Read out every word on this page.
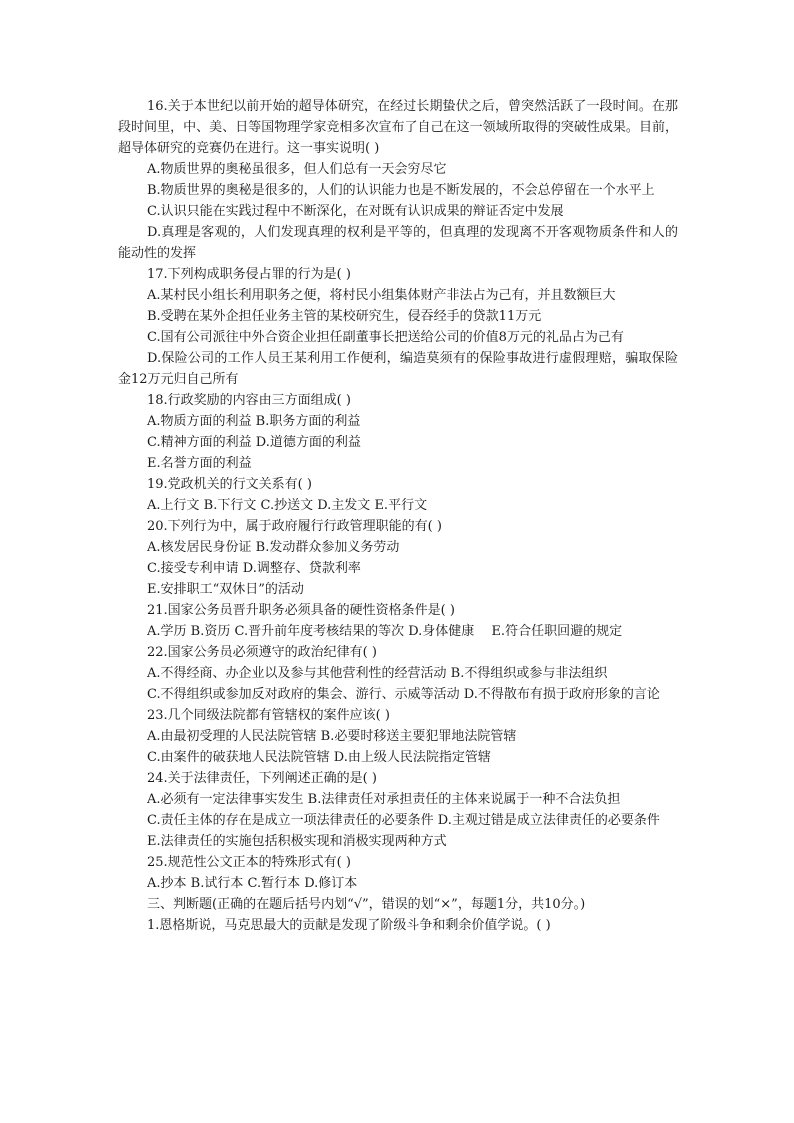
16.关于本世纪以前开始的超导体研究，在经过长期蛰伏之后，曾突然活跃了一段时间。在那段时间里，中、美、日等国物理学家竞相多次宣布了自己在这一领域所取得的突破性成果。目前，超导体研究的竞赛仍在进行。这一事实说明( )

A.物质世界的奥秘虽很多，但人们总有一天会穷尽它

B.物质世界的奥秘是很多的，人们的认识能力也是不断发展的，不会总停留在一个水平上

C.认识只能在实践过程中不断深化，在对既有认识成果的辩证否定中发展

D.真理是客观的，人们发现真理的权利是平等的，但真理的发现离不开客观物质条件和人的能动性的发挥

17.下列构成职务侵占罪的行为是( )

A.某村民小组长利用职务之便，将村民小组集体财产非法占为己有，并且数额巨大

B.受聘在某外企担任业务主管的某校研究生，侵吞经手的贷款11万元

C.国有公司派往中外合资企业担任副董事长把送给公司的价值8万元的礼品占为己有

D.保险公司的工作人员王某利用工作便利，编造莫须有的保险事故进行虚假理赔，骗取保险金12万元归自己所有

18.行政奖励的内容由三方面组成( )

A.物质方面的利益 B.职务方面的利益

C.精神方面的利益 D.道德方面的利益

E.名誉方面的利益

19.党政机关的行文关系有( )

A.上行文 B.下行文 C.抄送文 D.主发文 E.平行文

20.下列行为中，属于政府履行行政管理职能的有( )

A.核发居民身份证 B.发动群众参加义务劳动

C.接受专利申请 D.调整存、贷款利率

E.安排职工“双休日”的活动

21.国家公务员晋升职务必须具备的硬性资格条件是( )

A.学历 B.资历 C.晋升前年度考核结果的等次 D.身体健康　 E.符合任职回避的规定

22.国家公务员必须遵守的政治纪律有( )

A.不得经商、办企业以及参与其他营利性的经营活动 B.不得组织或参与非法组织

C.不得组织或参加反对政府的集会、游行、示威等活动 D.不得散布有损于政府形象的言论

23.几个同级法院都有管辖权的案件应该( )

A.由最初受理的人民法院管辖 B.必要时移送主要犯罪地法院管辖

C.由案件的破获地人民法院管辖 D.由上级人民法院指定管辖

24.关于法律责任，下列阐述正确的是( )

A.必须有一定法律事实发生 B.法律责任对承担责任的主体来说属于一种不合法负担

C.责任主体的存在是成立一项法律责任的必要条件 D.主观过错是成立法律责任的必要条件

E.法律责任的实施包括积极实现和消极实现两种方式

25.规范性公文正本的特殊形式有( )

A.抄本 B.试行本 C.暂行本 D.修订本

三、判断题(正确的在题后括号内划“√”，错误的划“×”，每题1分，共10分。)

1.恩格斯说，马克思最大的贡献是发现了阶级斗争和剩余价值学说。( )
